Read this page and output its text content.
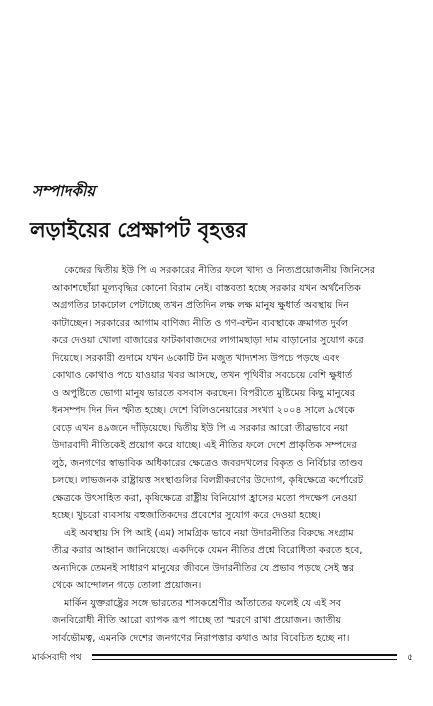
সম্পাদকীয়
লড়াইয়ের প্রেক্ষাপট বৃহত্তর

কেন্দ্রের দ্বিতীয় ইউ পি এ সরকারের নীতির ফলে খাদ্য ও নিত্যপ্রয়োজনীয় জিনিসের
আকাশছোঁয়া মূল্যবৃদ্ধির কোনো বিরাম নেই। বাস্তবতা হচ্ছে সরকার যখন অর্থনৈতিক
অগ্রগতির ঢাকঢোল পেটাচ্ছে তখন প্রতিদিন লক্ষ লক্ষ মানুষ ক্ষুধার্ত অবস্থায় দিন
কাটাচ্ছেন। সরকারের আগাম বাণিজ্য নীতি ও গণ-বন্টন ব্যবস্থাকে ক্রমাগত দুর্বল
করে দেওয়া খোলা বাজারের ফাটকাবাজদের লাগামছাড়া দাম বাড়ানোর সুযোগ করে
দিয়েছে। সরকারী গুদামে যখন ৬কোটি টন মজুত খাদ্যশস্য উপচে পড়ছে এবং
কোথাও কোথাও পচে যাওয়ার খবর আসছে, তখন পৃথিবীর সবচেয়ে বেশি ক্ষুধার্ত
ও অপুষ্টিতে ভোগা মানুষ ভারতে বসবাস করছেন। বিপরীতে মুষ্টিমেয় কিছু মানুষের
ধনসম্পদ দিন দিন স্ফীত হচ্ছে। দেশে বিলিওনেয়ারের সংখ্যা ২০০৪ সালে ৯থেকে
বেড়ে এখন ৪৯জনে দাঁড়িয়েছে। দ্বিতীয় ইউ পি এ সরকার আরো তীব্রভাবে নয়া
উদারবাদী নীতিকেই প্রয়োগ করে যাচ্ছে। এই নীতির ফলে দেশে প্রাকৃতিক সম্পদের
লুঠ, জনগণের স্বাভাবিক অধিকারের ক্ষেত্রেও জবরদখলের বিকৃত ও নির্বিচার তাণ্ডব
চলছে। লাভজনক রাষ্ট্রায়ত্ত সংস্থাগুলির বিলগ্নীকরণের উদ্যোগ, কৃষিক্ষেত্রে কর্পোরেট
ক্ষেত্রকে উৎসাহিত করা, কৃষিক্ষেত্রে রাষ্ট্রীয় বিনিয়োগ হ্রাসের মতো পদক্ষেপ নেওয়া
হচ্ছে। খুচরো ব্যবসায় বহুজাতিকদের প্রবেশের সুযোগ করে দেওয়া হচ্ছে।

এই অবস্থায় সি পি আই (এম) সামগ্রিক ভাবে নয়া উদারনীতির বিরুদ্ধে সংগ্রাম
তীব্র করার আহ্বান জানিয়েছে। একদিকে যেমন নীতির প্রশ্নে বিরোধিতা করতে হবে,
অন্যদিকে তেমনই সাধারণ মানুষের জীবনে উদারনীতির যে প্রভাব পড়ছে সেই স্তর
থেকে আন্দোলন গড়ে তোলা প্রয়োজন।

মার্কিন যুক্তরাষ্ট্রের সঙ্গে ভারতের শাসকশ্রেণীর আঁতাতের ফলেই যে এই সব
জনবিরোধী নীতি আরো ব্যাপক রূপ পাচ্ছে তা স্মরণে রাখা প্রয়োজন। জাতীয়
সার্বভৌমত্ব, এমনকি দেশের জনগণের নিরাপত্তার কথাও আর বিবেচিত হচ্ছে না।

মার্কসবাদী পথ	৫
